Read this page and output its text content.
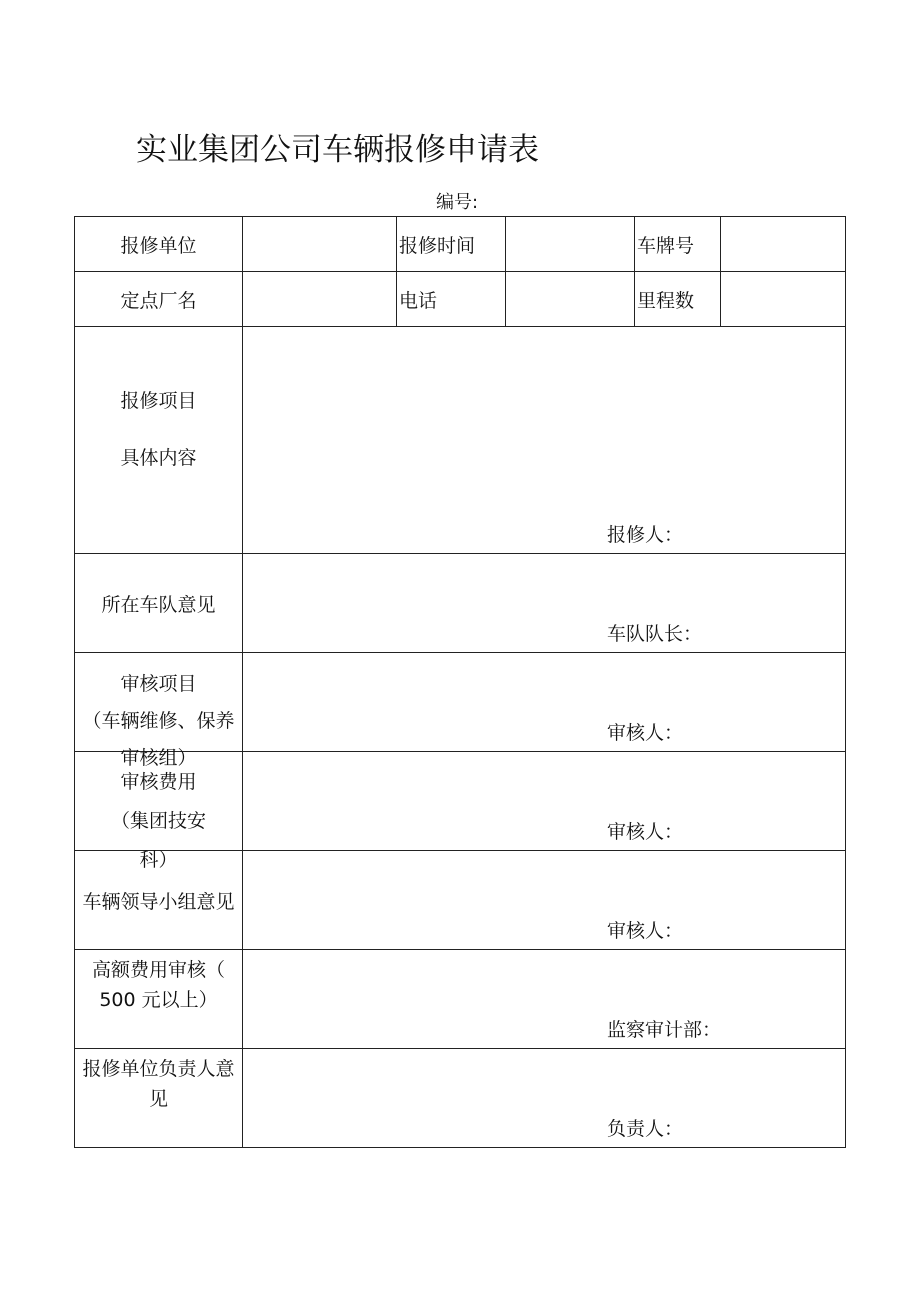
实业集团公司车辆报修申请表
编号:
报修单位		报修时间		车牌号	
定点厂名		电话		里程数	

报修项目
具体内容	报修人：				

所在车队意见	车队队长：				

审核项目
（车辆维修、保养
审核组）	审核人：				

审核费用
（集团技安
科）	审核人：				

车辆领导小组意见	审核人：				

高额费用审核（
500 元以上）	监察审计部：				

报修单位负责人意
见	负责人：				
